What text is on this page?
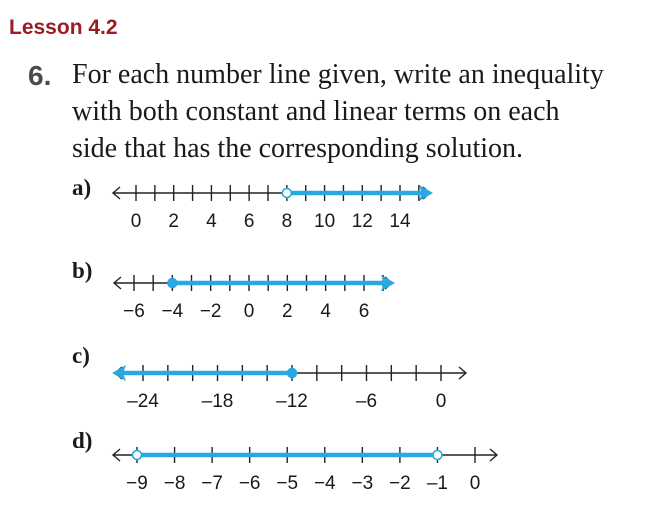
Lesson 4.2
6. For each number line given, write an inequality
with both constant and linear terms on each
side that has the corresponding solution.
a)
0 2 4 6 8 10 12 14
b)
−6 −4 −2 0 2 4 6
c)
–24 –18 –12	–6	0
d)
−9 −8 −7 −6 −5 −4 −3 −2 –1 0
